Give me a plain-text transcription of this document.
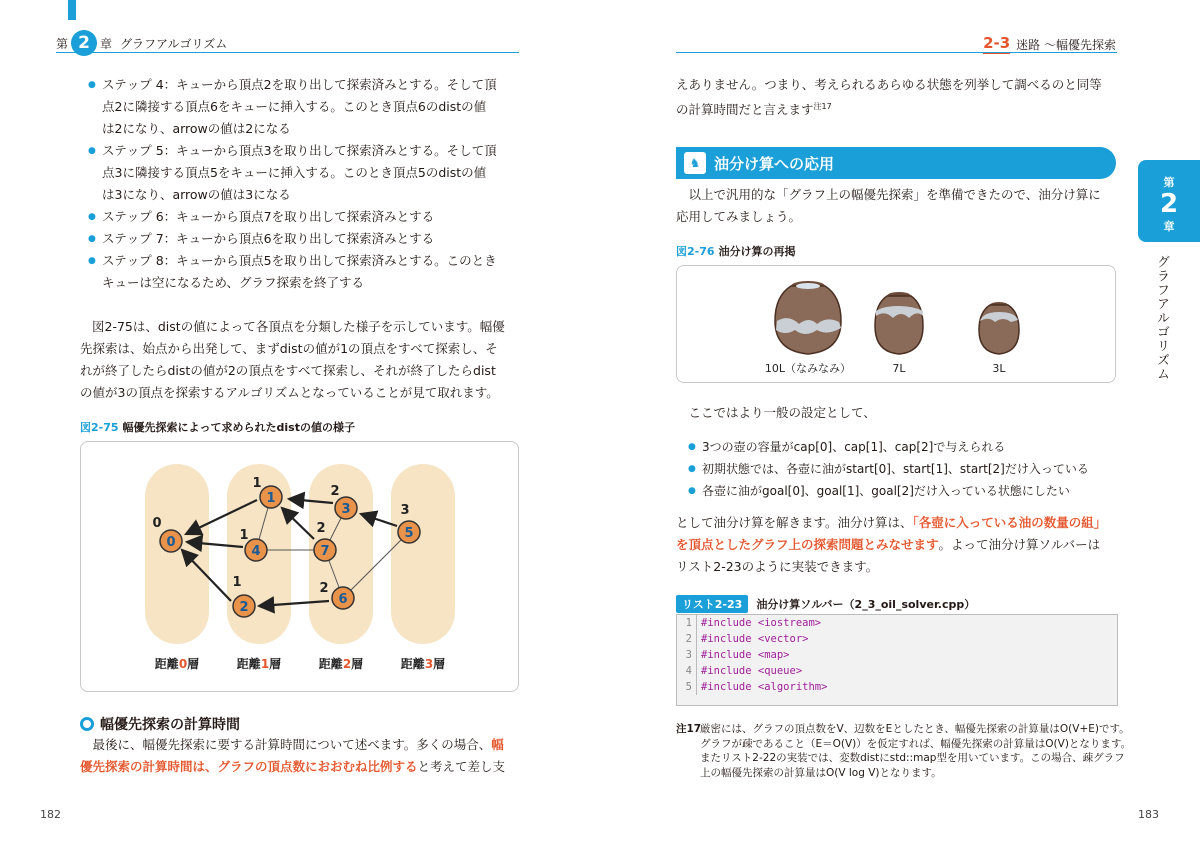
第 2 章 グラフアルゴリズム
● ステップ 4：キューから頂点2を取り出して探索済みとする。そして頂
点2に隣接する頂点6をキューに挿入する。このとき頂点6のdistの値
は2になり、arrowの値は2になる
● ステップ 5：キューから頂点3を取り出して探索済みとする。そして頂
点3に隣接する頂点5をキューに挿入する。このとき頂点5のdistの値
は3になり、arrowの値は3になる
● ステップ 6：キューから頂点7を取り出して探索済みとする
● ステップ 7：キューから頂点6を取り出して探索済みとする
● ステップ 8：キューから頂点5を取り出して探索済みとする。このとき
キューは空になるため、グラフ探索を終了する
図2-75は、distの値によって各頂点を分類した様子を示しています。幅優
先探索は、始点から出発して、まずdistの値が1の頂点をすべて探索し、そ
れが終了したらdistの値が2の頂点をすべて探索し、それが終了したらdist
の値が3の頂点を探索するアルゴリズムとなっていることが見て取れます。
図2-75 幅優先探索によって求められたdistの値の様子
0
1
4
2
3
7
6
5
0
1
1
1
2
2
2
3
距離0層	距離1層	距離2層	距離3層
幅優先探索の計算時間
　最後に、幅優先探索に要する計算時間について述べます。多くの場合、幅
優先探索の計算時間は、グラフの頂点数におおむね比例すると考えて差し支
182
2-3 迷路 〜幅優先探索
えありません。つまり、考えられるあらゆる状態を列挙して調べるのと同等
の計算時間だと言えます$^{注17}$
♞ 油分け算への応用
　以上で汎用的な「グラフ上の幅優先探索」を準備できたので、油分け算に
応用してみましょう。
図2-76 油分け算の再掲
10L（なみなみ）	7L	3L
　ここではより一般の設定として、
● 3つの壺の容量がcap[0]、cap[1]、cap[2]で与えられる
● 初期状態では、各壺に油がstart[0]、start[1]、start[2]だけ入っている
● 各壺に油がgoal[0]、goal[1]、goal[2]だけ入っている状態にしたい
として油分け算を解きます。油分け算は、「各壺に入っている油の数量の組」
を頂点としたグラフ上の探索問題とみなせます。よって油分け算ソルバーは
リスト2-23のように実装できます。
リスト2-23	油分け算ソルバー（2_3_oil_solver.cpp）
1 #include <iostream>
2 #include <vector>
3 #include <map>
4 #include <queue>
5 #include <algorithm>
注17
厳密には、グラフの頂点数をV、辺数をEとしたとき、幅優先探索の計算量はO(V+E)です。
グラフが疎であること（E＝O(V)）を仮定すれば、幅優先探索の計算量はO(V)となります。
またリスト2-22の実装では、変数distにstd::map型を用いています。この場合、疎グラフ
上の幅優先探索の計算量はO(V log V)となります。
183
第
2
章
グラフアルゴリズム
